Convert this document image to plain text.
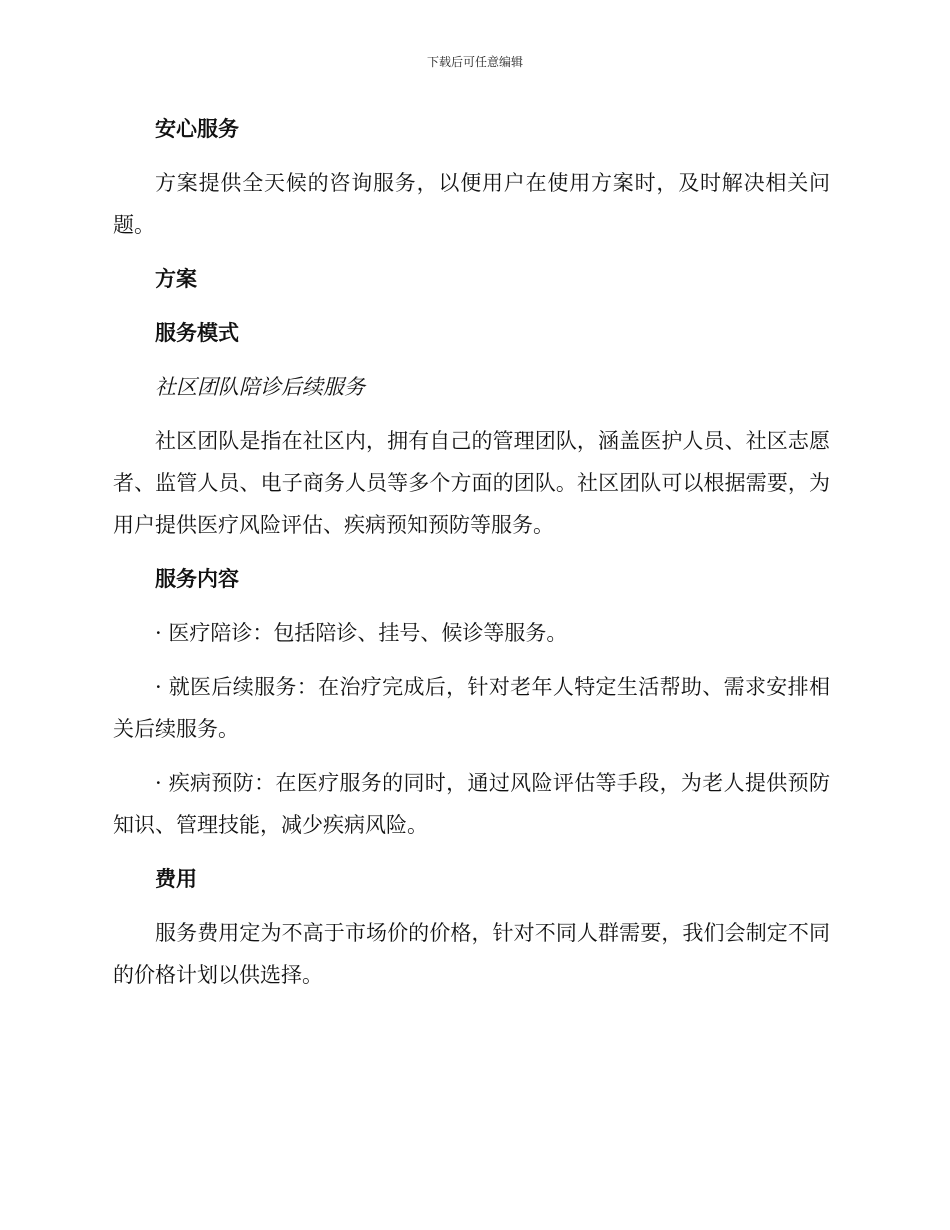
下载后可任意编辑

安心服务

方案提供全天候的咨询服务，以便用户在使用方案时，及时解决相关问题。

方案

服务模式

社区团队陪诊后续服务

社区团队是指在社区内，拥有自己的管理团队，涵盖医护人员、社区志愿者、监管人员、电子商务人员等多个方面的团队。社区团队可以根据需要，为用户提供医疗风险评估、疾病预知预防等服务。

服务内容

· 医疗陪诊：包括陪诊、挂号、候诊等服务。

· 就医后续服务：在治疗完成后，针对老年人特定生活帮助、需求安排相关后续服务。

· 疾病预防：在医疗服务的同时，通过风险评估等手段，为老人提供预防知识、管理技能，减少疾病风险。

费用

服务费用定为不高于市场价的价格，针对不同人群需要，我们会制定不同的价格计划以供选择。
